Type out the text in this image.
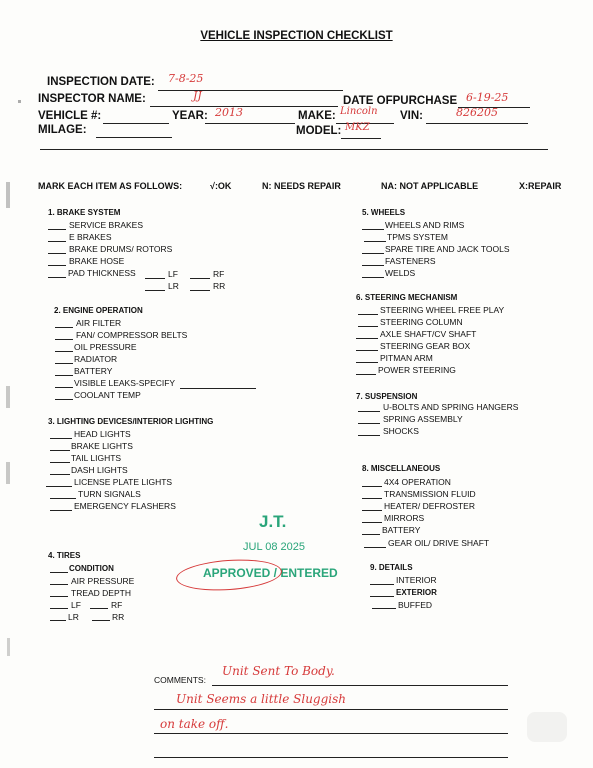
VEHICLE INSPECTION CHECKLIST
INSPECTION DATE: 7-8-25
INSPECTOR NAME:	JJ	DATE OFPURCHASE 6-19-25
VEHICLE #:	YEAR: 2013	MAKE: Lincoln VIN:	826205
MILAGE:	MODEL: MKZ
MARK EACH ITEM AS FOLLOWS:	√:OK	N: NEEDS REPAIR	NA: NOT APPLICABLE	X:REPAIR
1. BRAKE SYSTEM
SERVICE BRAKES
E BRAKES
BRAKE DRUMS/ ROTORS
BRAKE HOSE
PAD THICKNESS	LF	RF
LR	RR
2. ENGINE OPERATION
AIR FILTER
FAN/ COMPRESSOR BELTS
OIL PRESSURE
RADIATOR
BATTERY
VISIBLE LEAKS-SPECIFY
COOLANT TEMP
3. LIGHTING DEVICES/INTERIOR LIGHTING
HEAD LIGHTS
BRAKE LIGHTS
TAIL LIGHTS
DASH LIGHTS
LICENSE PLATE LIGHTS
TURN SIGNALS
EMERGENCY FLASHERS
4. TIRES
CONDITION
AIR PRESSURE
TREAD DEPTH
LF	RF
LR	RR
5. WHEELS
WHEELS AND RIMS
TPMS SYSTEM
SPARE TIRE AND JACK TOOLS
FASTENERS
WELDS
6. STEERING MECHANISM
STEERING WHEEL FREE PLAY
STEERING COLUMN
AXLE SHAFT/CV SHAFT
STEERING GEAR BOX
PITMAN ARM
POWER STEERING
7. SUSPENSION
U-BOLTS AND SPRING HANGERS
SPRING ASSEMBLY
SHOCKS
8. MISCELLANEOUS
4X4 OPERATION
TRANSMISSION FLUID
HEATER/ DEFROSTER
MIRRORS
BATTERY
GEAR OIL/ DRIVE SHAFT
9. DETAILS
INTERIOR
EXTERIOR
BUFFED
J.T.
JUL 08 2025
APPROVED / ENTERED
COMMENTS:
Unit Sent To Body.
Unit Seems a little Sluggish
on take off.
